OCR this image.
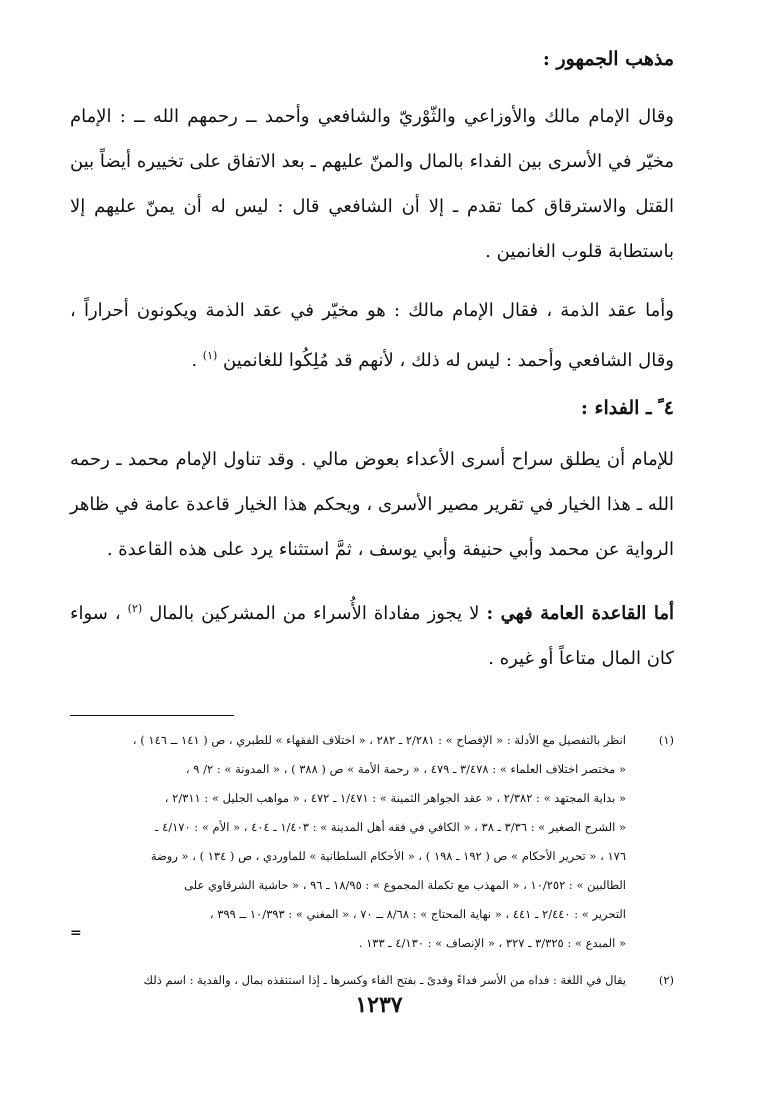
مذهب الجمهور :

وقال الإمام مالك والأوزاعي والثّوْريّ والشافعي وأحمد ــ رحمهم الله ــ : الإمام مخيّر في الأسرى بين الفداء بالمال والمنّ عليهم ـ بعد الاتفاق على تخييره أيضاً بين القتل والاسترقاق كما تقدم ـ إلا أن الشافعي قال : ليس له أن يمنّ عليهم إلا باستطابة قلوب الغانمين .

وأما عقد الذمة ، فقال الإمام مالك : هو مخيّر في عقد الذمة ويكونون أحراراً ، وقال الشافعي وأحمد : ليس له ذلك ، لأنهم قد مُلِكُوا للغانمين $^{(١)}$ .

٤ ً ـ الفداء :

للإمام أن يطلق سراح أسرى الأعداء بعوض مالي . وقد تناول الإمام محمد ـ رحمه الله ـ هذا الخيار في تقرير مصير الأسرى ، ويحكم هذا الخيار قاعدة عامة في ظاهر الرواية عن محمد وأبي حنيفة وأبي يوسف ، ثمَّ استثناء يرد على هذه القاعدة .

أما القاعدة العامة فهي : لا يجوز مفاداة الأُسراء من المشركين بالمال $^{(٢)}$ ، سواء كان المال متاعاً أو غيره .

(١)
انظر بالتفصيل مع الأدلة : « الإفصاح » : ٢/٢٨١ ـ ٢٨٢ ، « اختلاف الفقهاء » للطبري ، ص ( ١٤١ ــ ١٤٦ ) ،
« مختصر اختلاف العلماء » : ٣/٤٧٨ ـ ٤٧٩ ، « رحمة الأمة » ص ( ٣٨٨ ) ، « المدونة » : ٢/ ٩ ،
« بداية المجتهد » : ٢/٣٨٢ ، « عقد الجواهر الثمينة » : ١/٤٧١ ـ ٤٧٢ ، « مواهب الجليل » : ٢/٣١١ ،
« الشرح الصغير » : ٣/٣٦ ـ ٣٨ ، « الكافي في فقه أهل المدينة » : ١/٤٠٣ ـ ٤٠٤ ، « الأم » : ٤/١٧٠ ـ
١٧٦ ، « تحرير الأحكام » ص ( ١٩٢ ـ ١٩٨ ) ، « الأحكام السلطانية » للماوردي ، ص ( ١٣٤ ) ، « روضة
الطالبين » : ١٠/٢٥٢ ، « المهذب مع تكملة المجموع » : ١٨/٩٥ ـ ٩٦ ، « حاشية الشرقاوي على
التحرير » : ٢/٤٤٠ ـ ٤٤١ ، « نهاية المحتاج » : ٨/٦٨ ــ ٧٠ ، « المغني » : ١٠/٣٩٣ ــ ٣٩٩ ،
« المبدع » : ٣/٣٢٥ ـ ٣٢٧ ، « الإنصاف » : ٤/١٣٠ ـ ١٣٣ .
(٢)
يقال في اللغة : فداه من الأسر فداءً وفدىً ـ بفتح الفاء وكسرها ـ إذا استنقذه بمال ، والفدية : اسم ذلك
=
١٢٣٧
